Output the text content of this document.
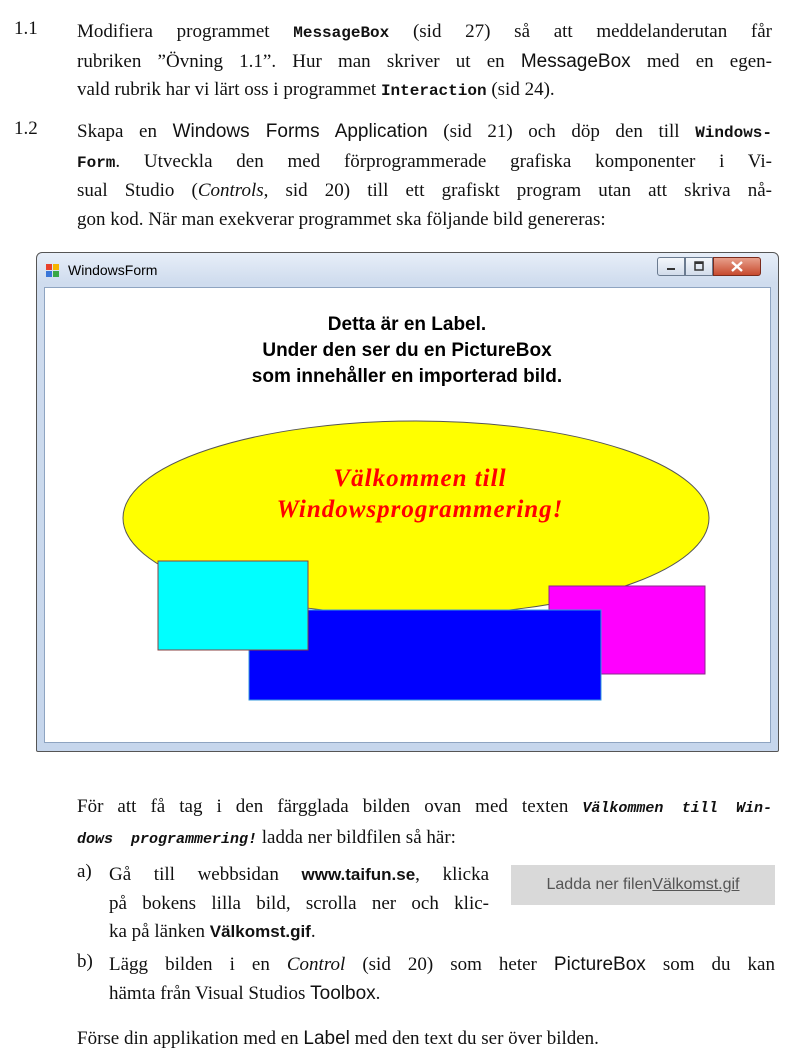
1.1 Modifiera programmet MessageBox (sid 27) så att meddelanderutan får
rubriken ”Övning 1.1”. Hur man skriver ut en MessageBox med en egen-
vald rubrik har vi lärt oss i programmet Interaction (sid 24).
1.2 Skapa en Windows Forms Application (sid 21) och döp den till Windows-
Form. Utveckla den med förprogrammerade grafiska komponenter i Vi-
sual Studio (Controls, sid 20) till ett grafiskt program utan att skriva nå-
gon kod. När man exekverar programmet ska följande bild genereras:
WindowsForm
Detta är en Label.
Under den ser du en PictureBox
som innehåller en importerad bild.
Välkommen till
Windowsprogrammering!
För att få tag i den färgglada bilden ovan med texten Välkommen till Win-
dows  programmering! ladda ner bildfilen så här:
a) Gå till webbsidan www.taifun.se, klicka
på bokens lilla bild, scrolla ner och klic-
ka på länken Välkomst.gif.
Ladda ner filen Välkomst.gif
b) Lägg bilden i en Control (sid 20) som heter PictureBox som du kan
hämta från Visual Studios Toolbox.
Förse din applikation med en Label med den text du ser över bilden.
